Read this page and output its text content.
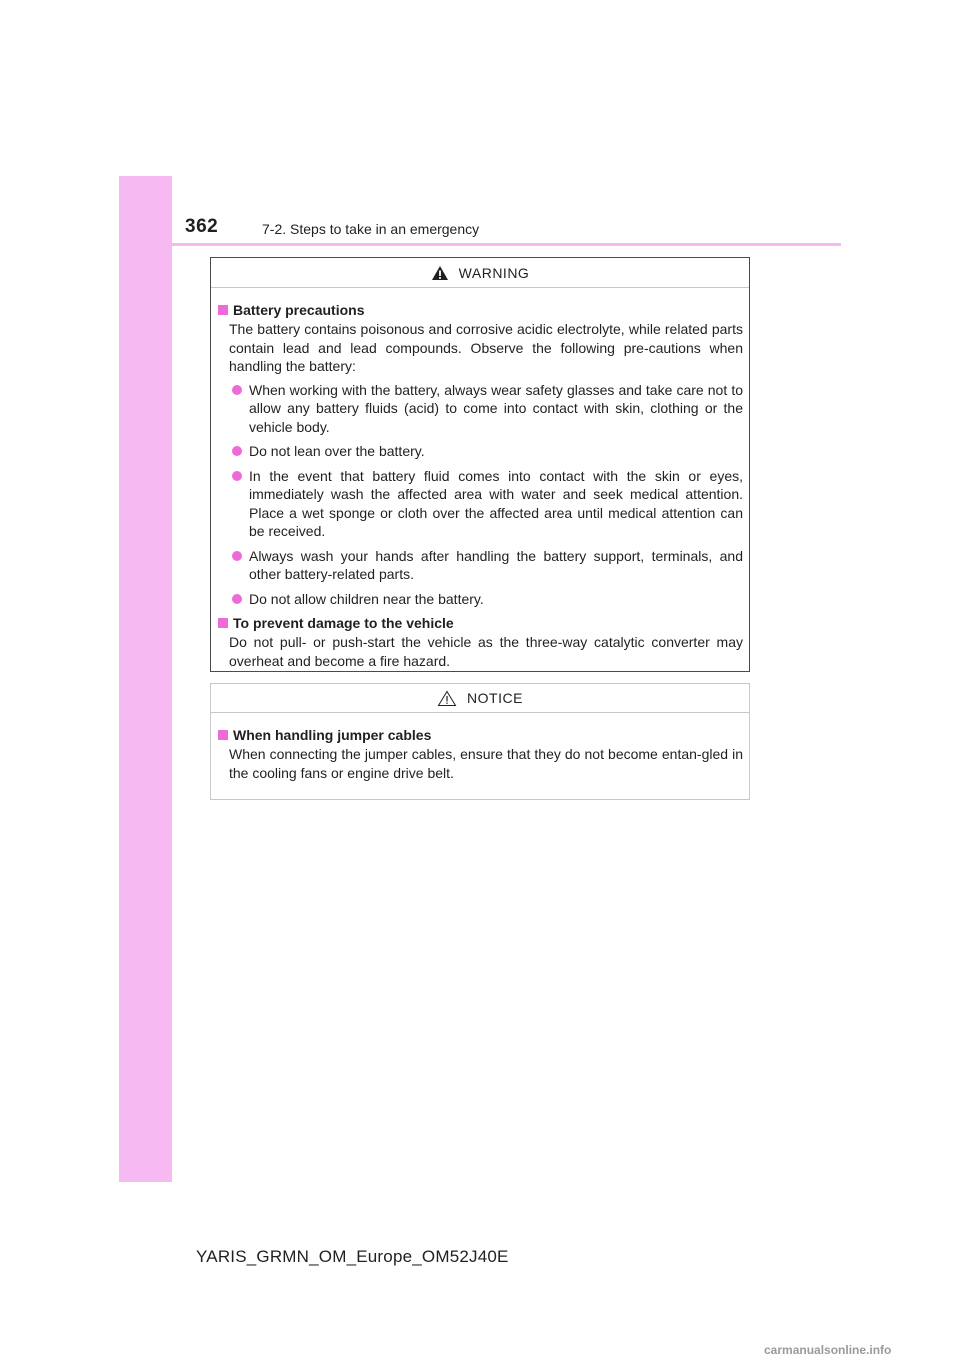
362	7-2. Steps to take in an emergency
WARNING
Battery precautions
The battery contains poisonous and corrosive acidic electrolyte, while related parts contain lead and lead compounds. Observe the following pre-cautions when handling the battery:
When working with the battery, always wear safety glasses and take care not to allow any battery fluids (acid) to come into contact with skin, clothing or the vehicle body.
Do not lean over the battery.
In the event that battery fluid comes into contact with the skin or eyes, immediately wash the affected area with water and seek medical attention. Place a wet sponge or cloth over the affected area until medical attention can be received.
Always wash your hands after handling the battery support, terminals, and other battery-related parts.
Do not allow children near the battery.
To prevent damage to the vehicle
Do not pull- or push-start the vehicle as the three-way catalytic converter may overheat and become a fire hazard.
NOTICE
When handling jumper cables
When connecting the jumper cables, ensure that they do not become entan-gled in the cooling fans or engine drive belt.
YARIS_GRMN_OM_Europe_OM52J40E
carmanualsonline.info
